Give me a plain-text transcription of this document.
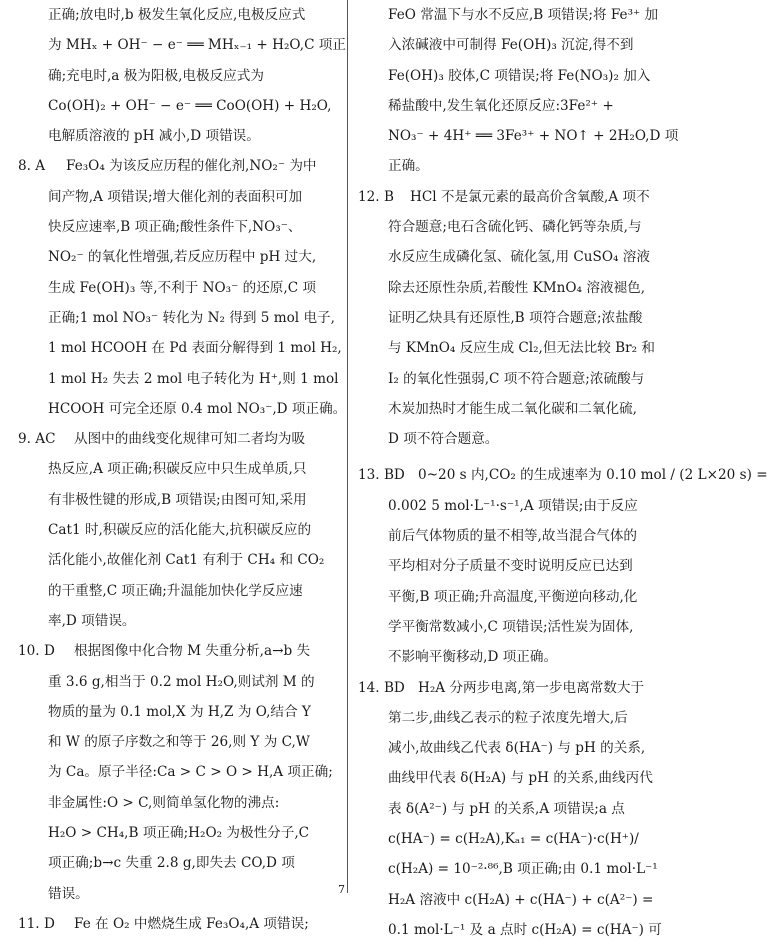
正确;放电时,b 极发生氧化反应,电极反应式
为 MHₓ + OH⁻ − e⁻ ══ MHₓ₋₁ + H₂O,C 项正
确;充电时,a 极为阳极,电极反应式为
Co(OH)₂ + OH⁻ − e⁻ ══ CoO(OH) + H₂O,
电解质溶液的 pH 减小,D 项错误。
8. A	Fe₃O₄ 为该反应历程的催化剂,NO₂⁻ 为中
间产物,A 项错误;增大催化剂的表面积可加
快反应速率,B 项正确;酸性条件下,NO₃⁻、
NO₂⁻ 的氧化性增强,若反应历程中 pH 过大,
生成 Fe(OH)₃ 等,不利于 NO₃⁻ 的还原,C 项
正确;1 mol NO₃⁻ 转化为 N₂ 得到 5 mol 电子,
1 mol HCOOH 在 Pd 表面分解得到 1 mol H₂,
1 mol H₂ 失去 2 mol 电子转化为 H⁺,则 1 mol
HCOOH 可完全还原 0.4 mol NO₃⁻,D 项正确。
9. AC	从图中的曲线变化规律可知二者均为吸
热反应,A 项正确;积碳反应中只生成单质,只
有非极性键的形成,B 项错误;由图可知,采用
Cat1 时,积碳反应的活化能大,抗积碳反应的
活化能小,故催化剂 Cat1 有利于 CH₄ 和 CO₂
的干重整,C 项正确;升温能加快化学反应速
率,D 项错误。
10. D	根据图像中化合物 M 失重分析,a→b 失
重 3.6 g,相当于 0.2 mol H₂O,则试剂 M 的
物质的量为 0.1 mol,X 为 H,Z 为 O,结合 Y
和 W 的原子序数之和等于 26,则 Y 为 C,W
为 Ca。原子半径:Ca > C > O > H,A 项正确;
非金属性:O > C,则简单氢化物的沸点:
H₂O > CH₄,B 项正确;H₂O₂ 为极性分子,C
项正确;b→c 失重 2.8 g,即失去 CO,D 项
错误。
11. D	Fe 在 O₂ 中燃烧生成 Fe₃O₄,A 项错误;
FeO 常温下与水不反应,B 项错误;将 Fe³⁺ 加
入浓碱液中可制得 Fe(OH)₃ 沉淀,得不到
Fe(OH)₃ 胶体,C 项错误;将 Fe(NO₃)₂ 加入
稀盐酸中,发生氧化还原反应:3Fe²⁺ +
NO₃⁻ + 4H⁺ ══ 3Fe³⁺ + NO↑ + 2H₂O,D 项
正确。
12. B	HCl 不是氯元素的最高价含氧酸,A 项不
符合题意;电石含硫化钙、磷化钙等杂质,与
水反应生成磷化氢、硫化氢,用 CuSO₄ 溶液
除去还原性杂质,若酸性 KMnO₄ 溶液褪色,
证明乙炔具有还原性,B 项符合题意;浓盐酸
与 KMnO₄ 反应生成 Cl₂,但无法比较 Br₂ 和
I₂ 的氧化性强弱,C 项不符合题意;浓硫酸与
木炭加热时才能生成二氧化碳和二氧化硫,
D 项不符合题意。
13. BD 0~20 s 内,CO₂ 的生成速率为 0.10 mol / (2 L×20 s) =
0.002 5 mol·L⁻¹·s⁻¹,A 项错误;由于反应
前后气体物质的量不相等,故当混合气体的
平均相对分子质量不变时说明反应已达到
平衡,B 项正确;升高温度,平衡逆向移动,化
学平衡常数减小,C 项错误;活性炭为固体,
不影响平衡移动,D 项正确。
14. BD H₂A 分两步电离,第一步电离常数大于
第二步,曲线乙表示的粒子浓度先增大,后
减小,故曲线乙代表 δ(HA⁻) 与 pH 的关系,
曲线甲代表 δ(H₂A) 与 pH 的关系,曲线丙代
表 δ(A²⁻) 与 pH 的关系,A 项错误;a 点
c(HA⁻) = c(H₂A),Kₐ₁ = c(HA⁻)·c(H⁺)/
c(H₂A) = 10⁻²·⁸⁶,B 项正确;由 0.1 mol·L⁻¹
H₂A 溶液中 c(H₂A) + c(HA⁻) + c(A²⁻) =
0.1 mol·L⁻¹ 及 a 点时 c(H₂A) = c(HA⁻) 可
7
